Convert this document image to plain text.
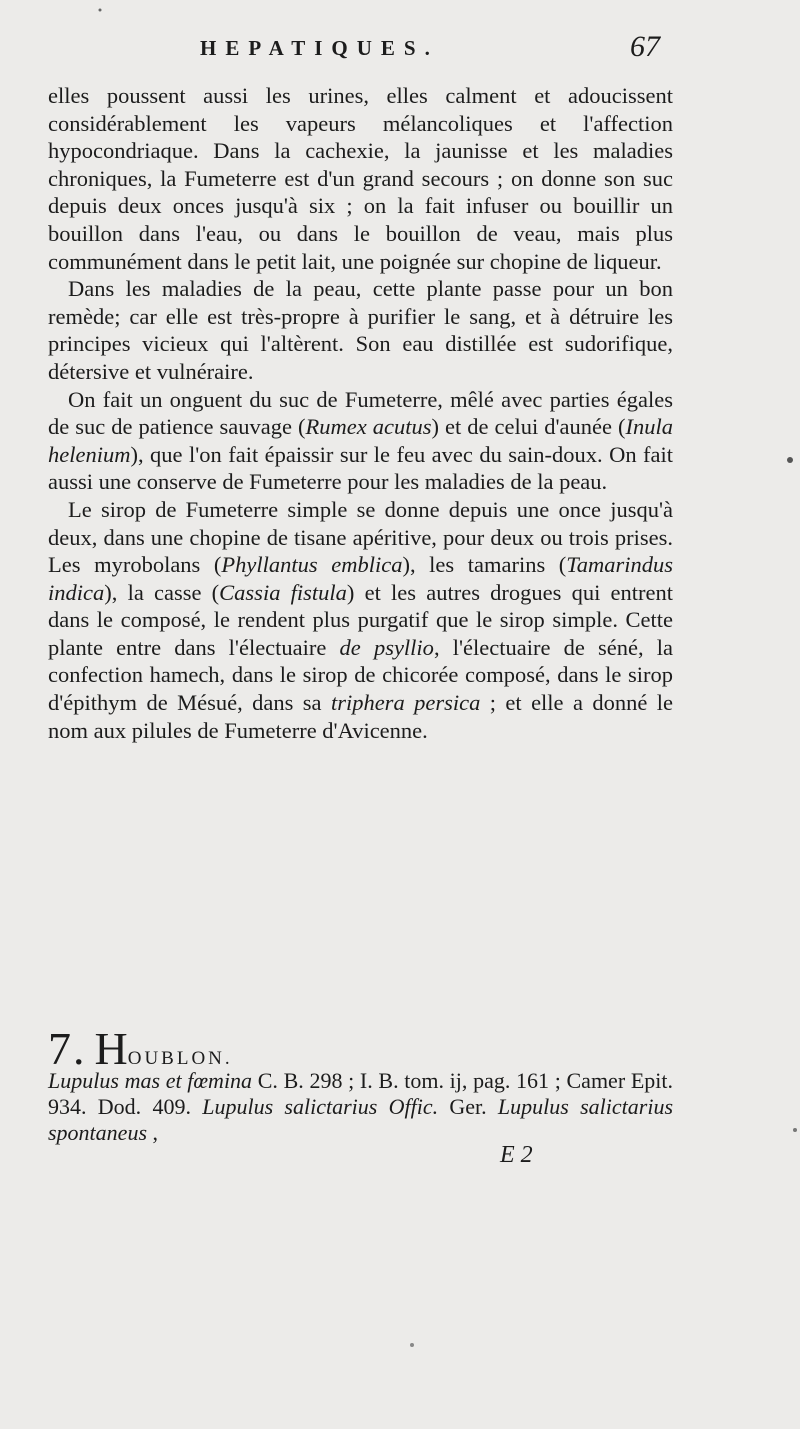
HEPATIQUES.	67

elles poussent aussi les urines, elles calment et adoucissent considérablement les vapeurs mélancoliques et l'affection hypocondriaque. Dans la cachexie, la jaunisse et les maladies chroniques, la Fumeterre est d'un grand secours ; on donne son suc depuis deux onces jusqu'à six ; on la fait infuser ou bouillir un bouillon dans l'eau, ou dans le bouillon de veau, mais plus communément dans le petit lait, une poignée sur chopine de liqueur.

Dans les maladies de la peau, cette plante passe pour un bon remède; car elle est très-propre à purifier le sang, et à détruire les principes vicieux qui l'altèrent. Son eau distillée est sudorifique, détersive et vulnéraire.

On fait un onguent du suc de Fumeterre, mêlé avec parties égales de suc de patience sauvage (Rumex acutus) et de celui d'aunée (Inula helenium), que l'on fait épaissir sur le feu avec du sain-doux. On fait aussi une conserve de Fumeterre pour les maladies de la peau.

Le sirop de Fumeterre simple se donne depuis une once jusqu'à deux, dans une chopine de tisane apéritive, pour deux ou trois prises. Les myrobolans (Phyllantus emblica), les tamarins (Tamarindus indica), la casse (Cassia fistula) et les autres drogues qui entrent dans le composé, le rendent plus purgatif que le sirop simple. Cette plante entre dans l'électuaire de psyllio, l'électuaire de séné, la confection hamech, dans le sirop de chicorée composé, dans le sirop d'épithym de Mésué, dans sa triphera persica ; et elle a donné le nom aux pilules de Fumeterre d'Avicenne.

7. HOUBLON.
Lupulus mas et fœmina C. B. 298 ; I. B. tom. ij, pag. 161 ; Camer Epit. 934. Dod. 409. Lupulus salictarius Offic. Ger. Lupulus salictarius spontaneus ,
E 2
